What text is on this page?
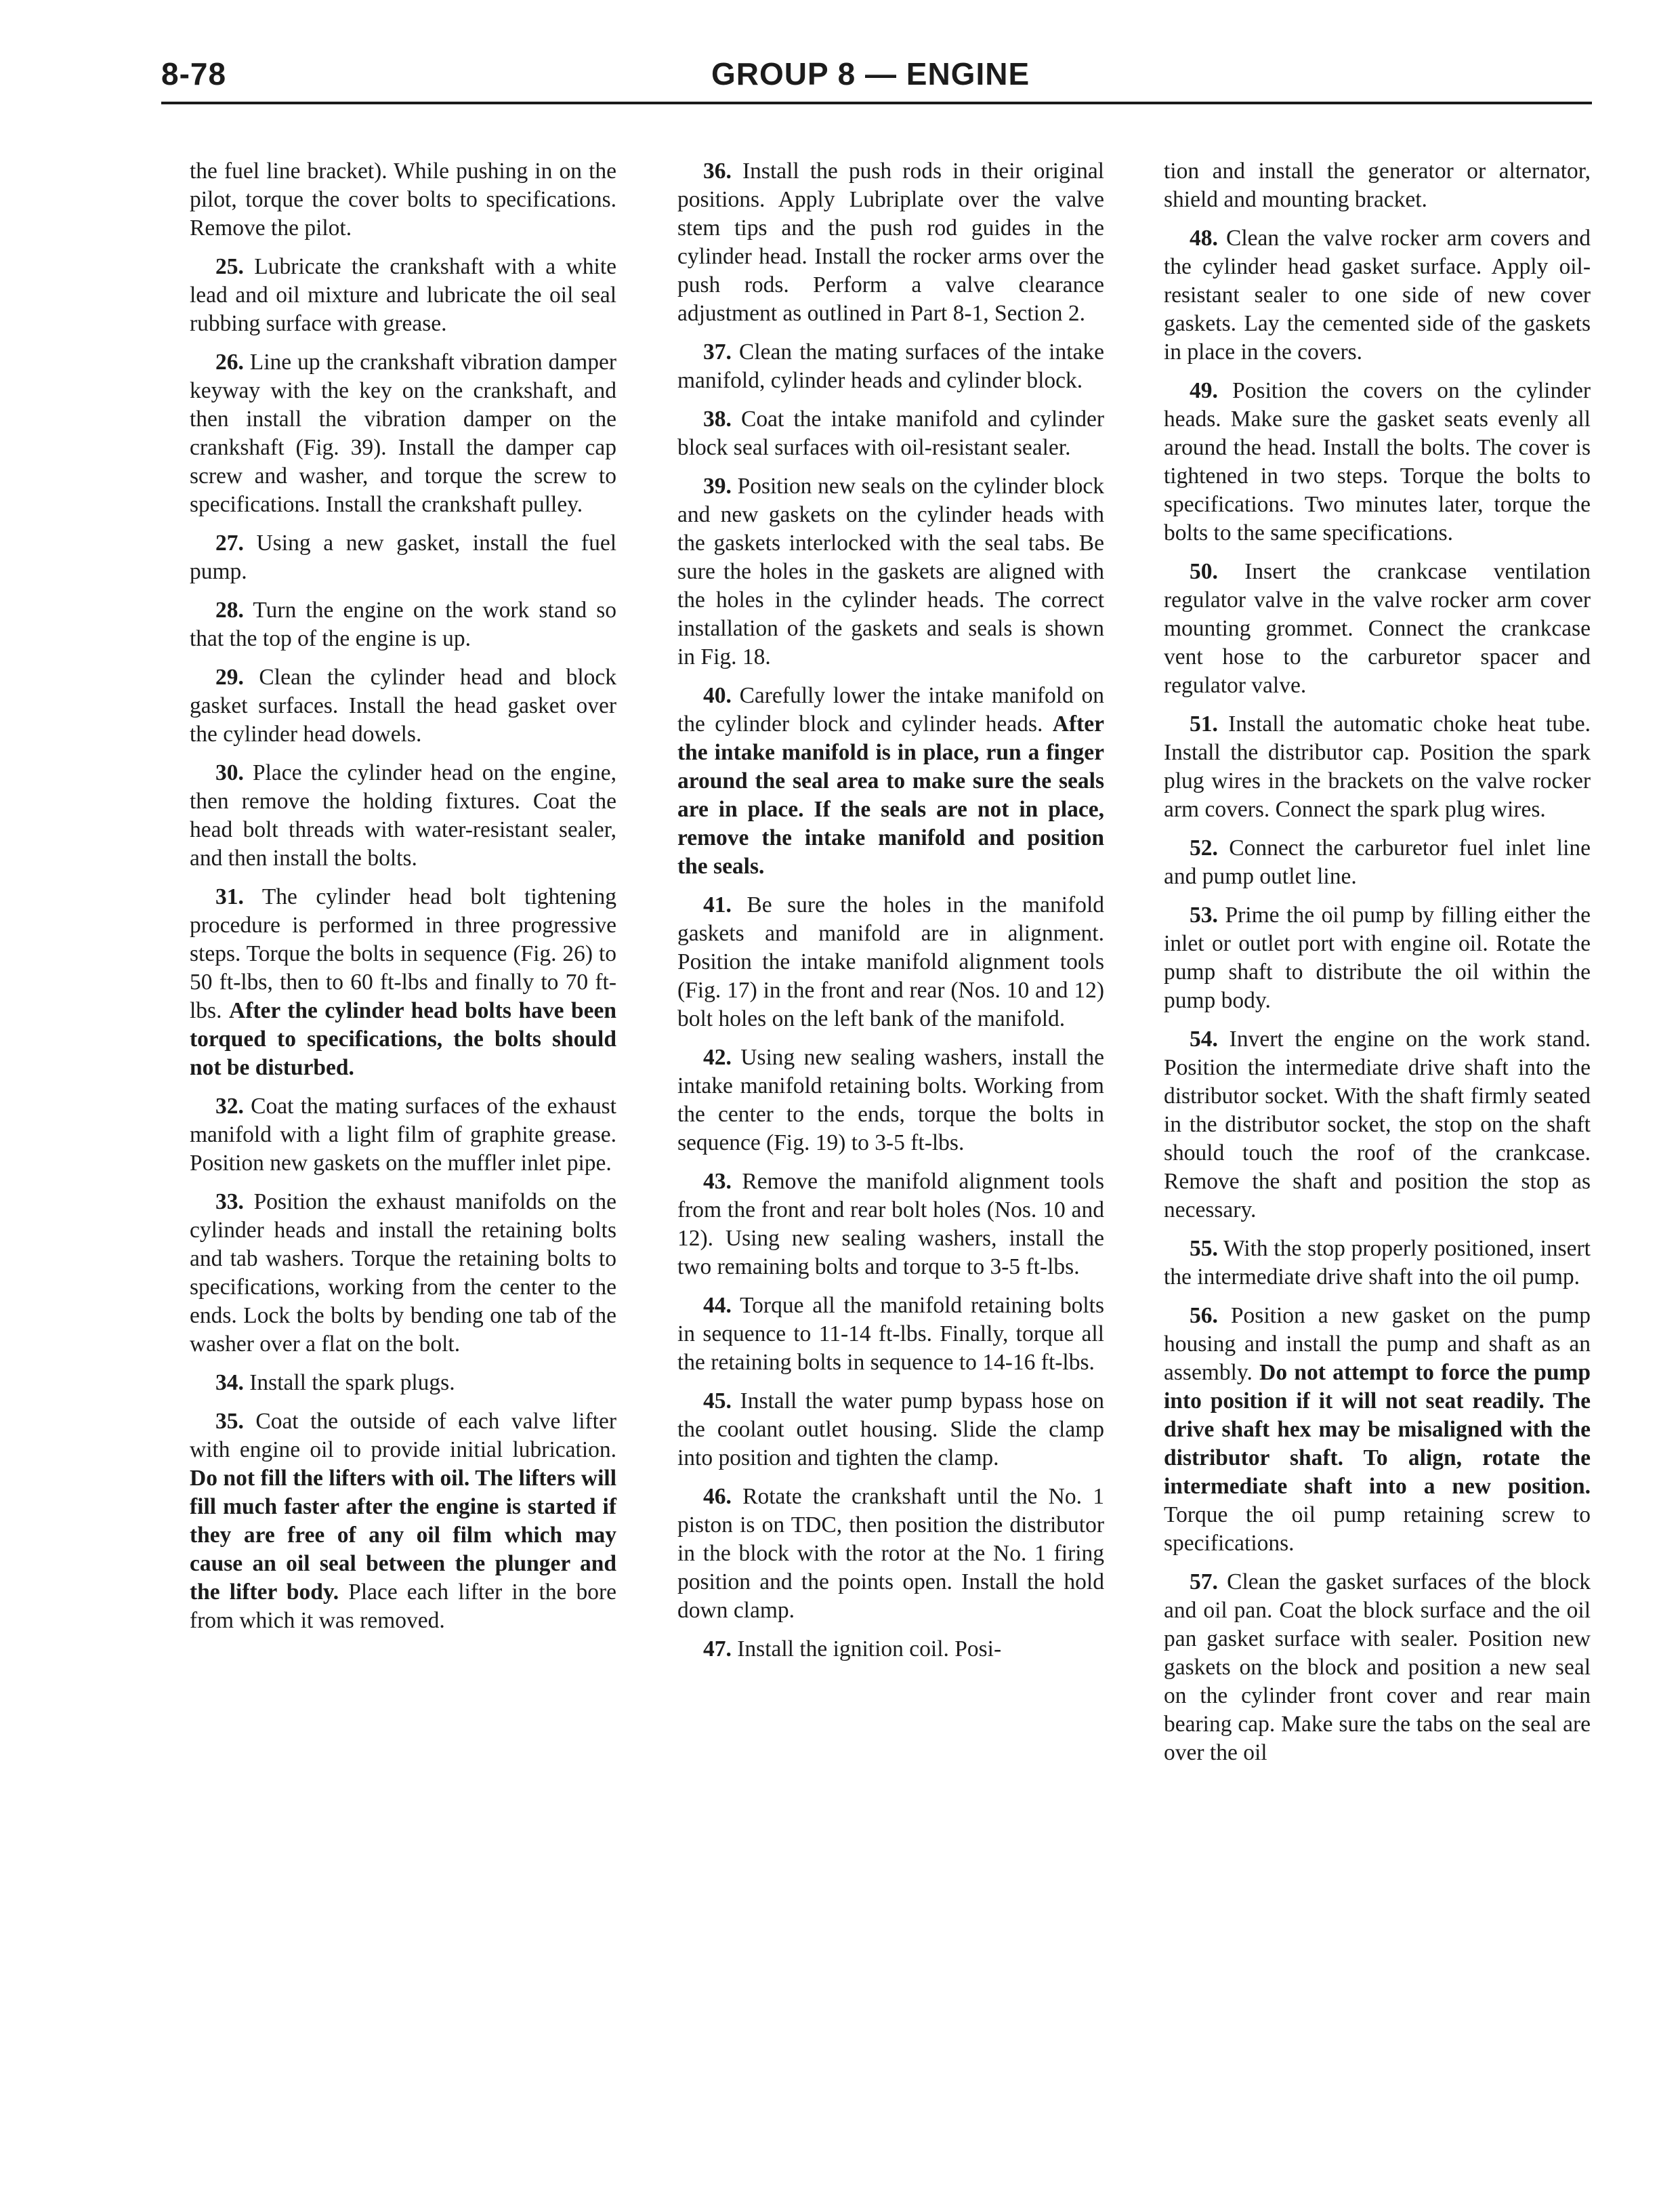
8-78	GROUP 8 — ENGINE

the fuel line bracket). While pushing in on the pilot, torque the cover bolts to specifications. Remove the pilot.

25. Lubricate the crankshaft with a white lead and oil mixture and lubricate the oil seal rubbing surface with grease.

26. Line up the crankshaft vibration damper keyway with the key on the crankshaft, and then install the vibration damper on the crankshaft (Fig. 39). Install the damper cap screw and washer, and torque the screw to specifications. Install the crankshaft pulley.

27. Using a new gasket, install the fuel pump.

28. Turn the engine on the work stand so that the top of the engine is up.

29. Clean the cylinder head and block gasket surfaces. Install the head gasket over the cylinder head dowels.

30. Place the cylinder head on the engine, then remove the holding fixtures. Coat the head bolt threads with water-resistant sealer, and then install the bolts.

31. The cylinder head bolt tightening procedure is performed in three progressive steps. Torque the bolts in sequence (Fig. 26) to 50 ft-lbs, then to 60 ft-lbs and finally to 70 ft-lbs. After the cylinder head bolts have been torqued to specifications, the bolts should not be disturbed.

32. Coat the mating surfaces of the exhaust manifold with a light film of graphite grease. Position new gaskets on the muffler inlet pipe.

33. Position the exhaust manifolds on the cylinder heads and install the retaining bolts and tab washers. Torque the retaining bolts to specifications, working from the center to the ends. Lock the bolts by bending one tab of the washer over a flat on the bolt.

34. Install the spark plugs.

35. Coat the outside of each valve lifter with engine oil to provide initial lubrication. Do not fill the lifters with oil. The lifters will fill much faster after the engine is started if they are free of any oil film which may cause an oil seal between the plunger and the lifter body. Place each lifter in the bore from which it was removed.

36. Install the push rods in their original positions. Apply Lubriplate over the valve stem tips and the push rod guides in the cylinder head. Install the rocker arms over the push rods. Perform a valve clearance adjustment as outlined in Part 8-1, Section 2.

37. Clean the mating surfaces of the intake manifold, cylinder heads and cylinder block.

38. Coat the intake manifold and cylinder block seal surfaces with oil-resistant sealer.

39. Position new seals on the cylinder block and new gaskets on the cylinder heads with the gaskets interlocked with the seal tabs. Be sure the holes in the gaskets are aligned with the holes in the cylinder heads. The correct installation of the gaskets and seals is shown in Fig. 18.

40. Carefully lower the intake manifold on the cylinder block and cylinder heads. After the intake manifold is in place, run a finger around the seal area to make sure the seals are in place. If the seals are not in place, remove the intake manifold and position the seals.

41. Be sure the holes in the manifold gaskets and manifold are in alignment. Position the intake manifold alignment tools (Fig. 17) in the front and rear (Nos. 10 and 12) bolt holes on the left bank of the manifold.

42. Using new sealing washers, install the intake manifold retaining bolts. Working from the center to the ends, torque the bolts in sequence (Fig. 19) to 3-5 ft-lbs.

43. Remove the manifold alignment tools from the front and rear bolt holes (Nos. 10 and 12). Using new sealing washers, install the two remaining bolts and torque to 3-5 ft-lbs.

44. Torque all the manifold retaining bolts in sequence to 11-14 ft-lbs. Finally, torque all the retaining bolts in sequence to 14-16 ft-lbs.

45. Install the water pump bypass hose on the coolant outlet housing. Slide the clamp into position and tighten the clamp.

46. Rotate the crankshaft until the No. 1 piston is on TDC, then position the distributor in the block with the rotor at the No. 1 firing position and the points open. Install the hold down clamp.

47. Install the ignition coil. Posi-

tion and install the generator or alternator, shield and mounting bracket.

48. Clean the valve rocker arm covers and the cylinder head gasket surface. Apply oil-resistant sealer to one side of new cover gaskets. Lay the cemented side of the gaskets in place in the covers.

49. Position the covers on the cylinder heads. Make sure the gasket seats evenly all around the head. Install the bolts. The cover is tightened in two steps. Torque the bolts to specifications. Two minutes later, torque the bolts to the same specifications.

50. Insert the crankcase ventilation regulator valve in the valve rocker arm cover mounting grommet. Connect the crankcase vent hose to the carburetor spacer and regulator valve.

51. Install the automatic choke heat tube. Install the distributor cap. Position the spark plug wires in the brackets on the valve rocker arm covers. Connect the spark plug wires.

52. Connect the carburetor fuel inlet line and pump outlet line.

53. Prime the oil pump by filling either the inlet or outlet port with engine oil. Rotate the pump shaft to distribute the oil within the pump body.

54. Invert the engine on the work stand. Position the intermediate drive shaft into the distributor socket. With the shaft firmly seated in the distributor socket, the stop on the shaft should touch the roof of the crankcase. Remove the shaft and position the stop as necessary.

55. With the stop properly positioned, insert the intermediate drive shaft into the oil pump.

56. Position a new gasket on the pump housing and install the pump and shaft as an assembly. Do not attempt to force the pump into position if it will not seat readily. The drive shaft hex may be misaligned with the distributor shaft. To align, rotate the intermediate shaft into a new position. Torque the oil pump retaining screw to specifications.

57. Clean the gasket surfaces of the block and oil pan. Coat the block surface and the oil pan gasket surface with sealer. Position new gaskets on the block and position a new seal on the cylinder front cover and rear main bearing cap. Make sure the tabs on the seal are over the oil
